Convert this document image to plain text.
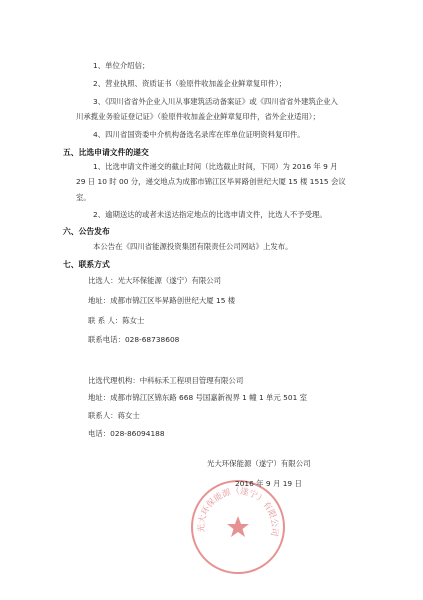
光大环保能源（遂宁）有限公司
1、单位介绍信；
2、营业执照、资质证书（验原件收加盖企业鲜章复印件）；
3、《四川省省外企业入川从事建筑活动备案证》或《四川省省外建筑企业入
川承揽业务验证登记证》（验原件收加盖企业鲜章复印件，省外企业适用）；
4、四川省国资委中介机构备选名录库在库单位证明资料复印件。
五、比选申请文件的递交
1、比选申请文件递交的截止时间（比选截止时间，下同）为 2016 年 9 月
29 日 10 时 00 分，递交地点为成都市锦江区毕昇路创世纪大厦 15 楼 1515 会议
室。
2、逾期送达的或者未送达指定地点的比选申请文件，比选人不予受理。
六、公告发布
本公告在《四川省能源投资集团有限责任公司网站》上发布。
七、联系方式
比选人：光大环保能源（遂宁）有限公司
地址：成都市锦江区毕昇路创世纪大厦 15 楼
联 系 人：陈女士
联系电话：028-68738608
比选代理机构：中科标禾工程项目管理有限公司
地址：成都市锦江区锦东路 668 号国嘉新视界 1 幢 1 单元 501 室
联系人：蒋女士
电话：028-86094188
光大环保能源（遂宁）有限公司
2016 年 9 月 19 日
